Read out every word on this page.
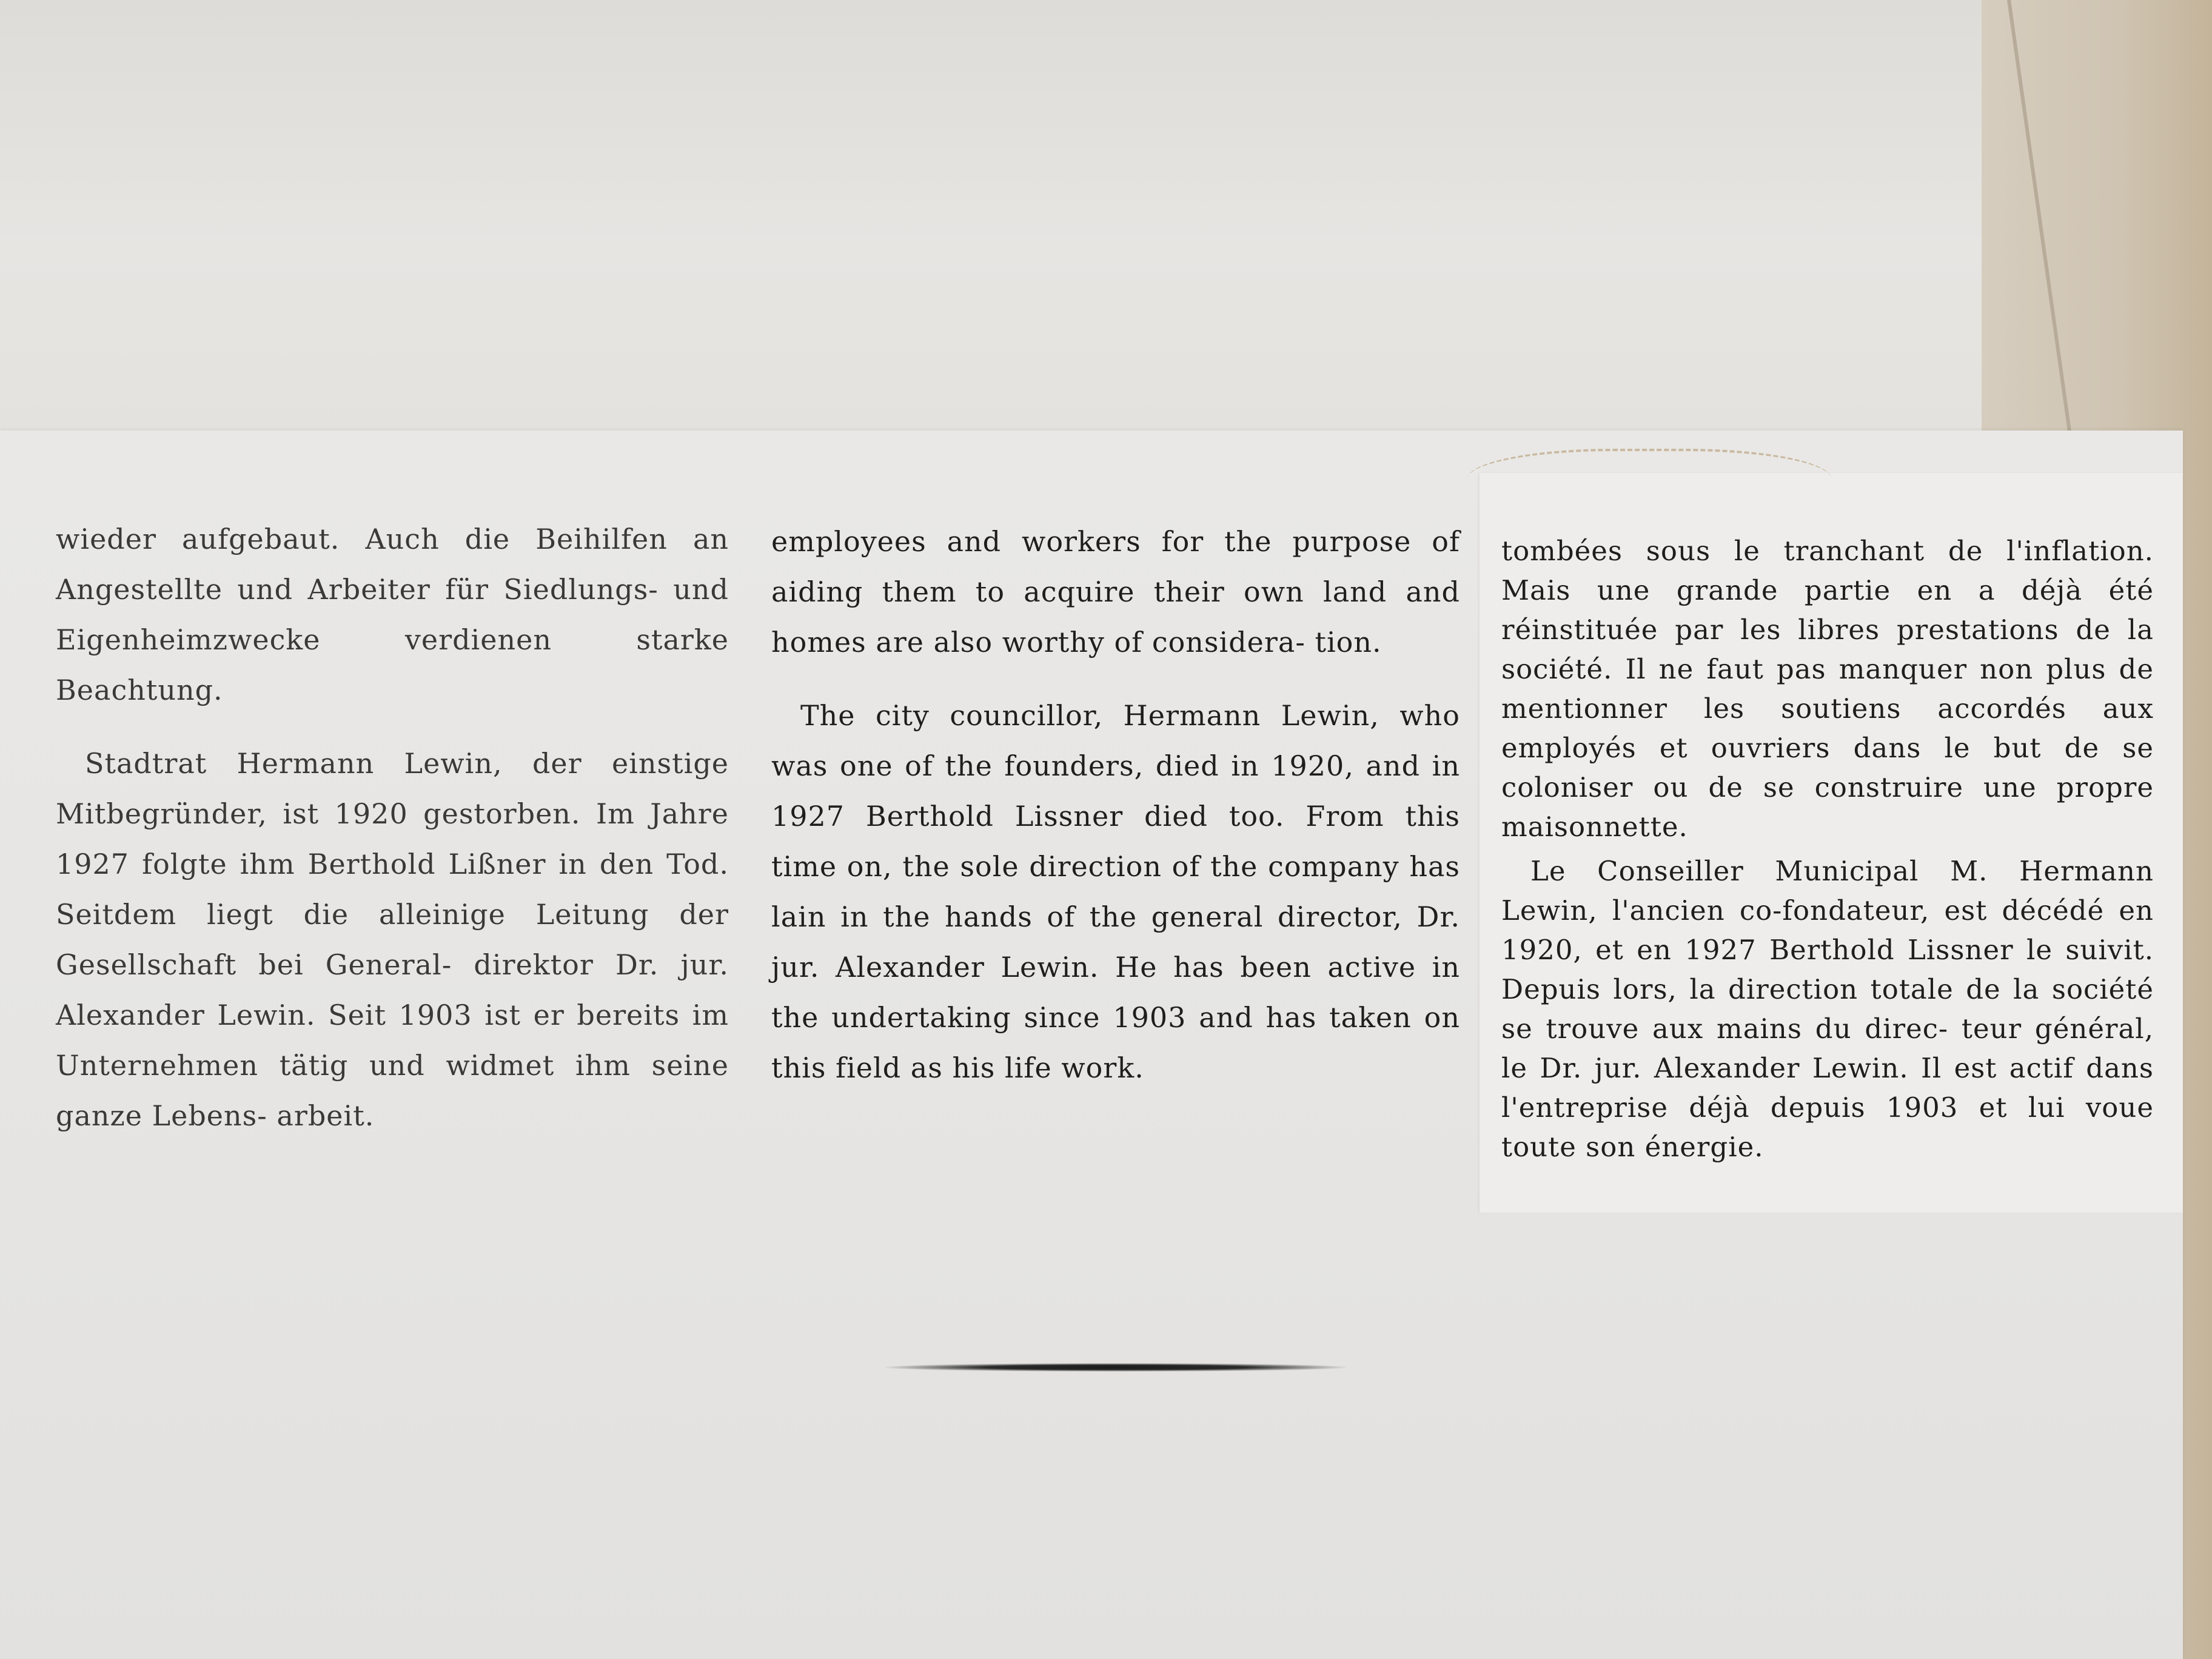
wieder aufgebaut. Auch die Beihilfen an Angestellte und Arbeiter für Siedlungs- und Eigenheimzwecke verdienen starke Beachtung.

Stadtrat Hermann Lewin, der einstige Mitbegründer, ist 1920 gestorben. Im Jahre 1927 folgte ihm Berthold Lißner in den Tod. Seitdem liegt die alleinige Leitung der Gesellschaft bei General- direktor Dr. jur. Alexander Lewin. Seit 1903 ist er bereits im Unternehmen tätig und widmet ihm seine ganze Lebens- arbeit.

employees and workers for the purpose of aiding them to acquire their own land and homes are also worthy of considera- tion.

The city councillor, Hermann Lewin, who was one of the founders, died in 1920, and in 1927 Berthold Lissner died too. From this time on, the sole direction of the company has lain in the hands of the general director, Dr. jur. Alexander Lewin. He has been active in the undertaking since 1903 and has taken on this field as his life work.

tombées sous le tranchant de l'inflation. Mais une grande partie en a déjà été réinstituée par les libres prestations de la société. Il ne faut pas manquer non plus de mentionner les soutiens accordés aux employés et ouvriers dans le but de se coloniser ou de se construire une propre maisonnette.

Le Conseiller Municipal M. Hermann Lewin, l'ancien co-fondateur, est décédé en 1920, et en 1927 Berthold Lissner le suivit. Depuis lors, la direction totale de la société se trouve aux mains du direc- teur général, le Dr. jur. Alexander Lewin. Il est actif dans l'entreprise déjà depuis 1903 et lui voue toute son énergie.
